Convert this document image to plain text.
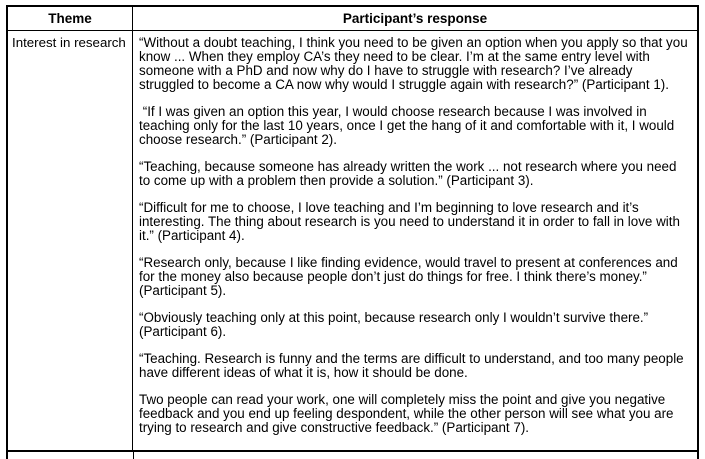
Theme	Participant’s response
Interest in research “Without a doubt teaching, I think you need to be given an option when you apply so that you know ... When they employ CA’s they need to be clear. I’m at the same entry level with someone with a PhD and now why do I have to struggle with research? I’ve already struggled to become a CA now why would I struggle again with research?” (Participant 1).

“If I was given an option this year, I would choose research because I was involved in teaching only for the last 10 years, once I get the hang of it and comfortable with it, I would choose research.” (Participant 2).

“Teaching, because someone has already written the work ... not research where you need to come up with a problem then provide a solution.” (Participant 3).

“Difficult for me to choose, I love teaching and I’m beginning to love research and it’s interesting. The thing about research is you need to understand it in order to fall in love with it.” (Participant 4).

“Research only, because I like finding evidence, would travel to present at conferences and for the money also because people don’t just do things for free. I think there’s money.” (Participant 5).

“Obviously teaching only at this point, because research only I wouldn’t survive there.” (Participant 6).

“Teaching. Research is funny and the terms are difficult to understand, and too many people have different ideas of what it is, how it should be done.

Two people can read your work, one will completely miss the point and give you negative feedback and you end up feeling despondent, while the other person will see what you are trying to research and give constructive feedback.” (Participant 7).
